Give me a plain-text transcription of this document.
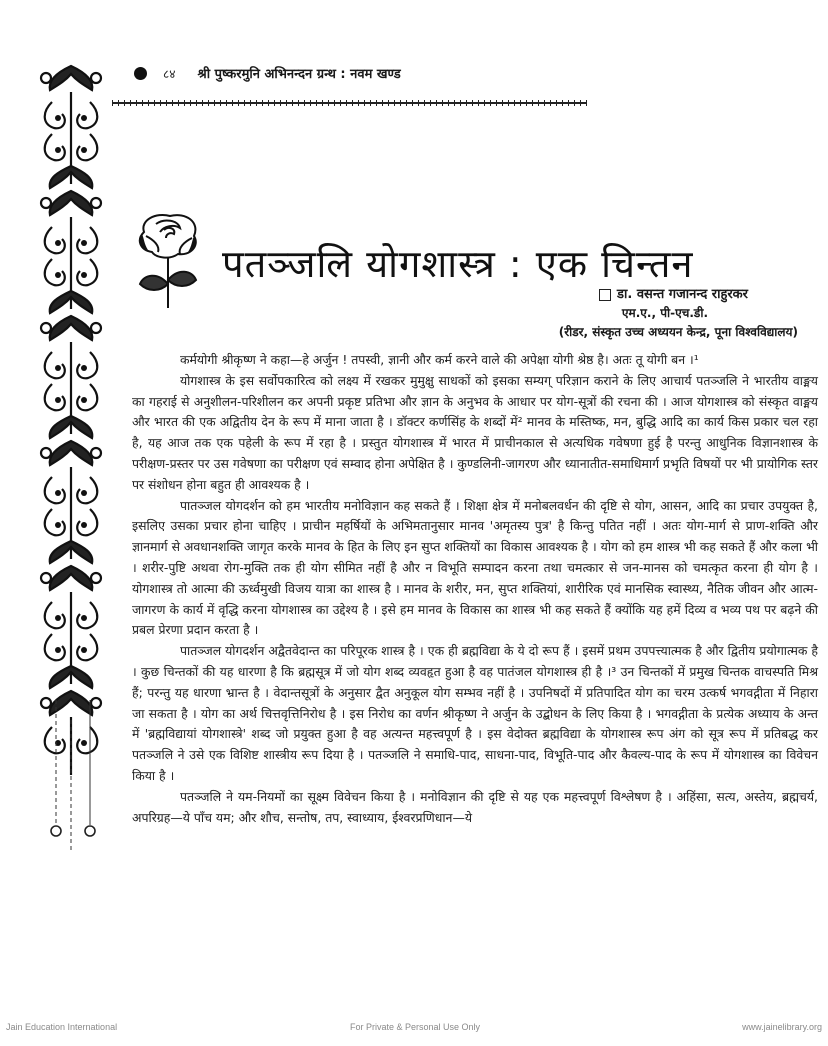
८४ श्री पुष्करमुनि अभिनन्दन ग्रन्थ : नवम खण्ड
पतञ्जलि योगशास्त्र : एक चिन्तन
डा. वसन्त गजानन्द राहुरकर
एम.ए., पी-एच.डी.
(रीडर, संस्कृत उच्च अध्ययन केन्द्र, पूना विश्वविद्यालय)

कर्मयोगी श्रीकृष्ण ने कहा—हे अर्जुन ! तपस्वी, ज्ञानी और कर्म करने वाले की अपेक्षा योगी श्रेष्ठ है। अतः तू योगी बन ।¹

योगशास्त्र के इस सर्वोपकारित्व को लक्ष्य में रखकर मुमुक्षु साधकों को इसका सम्यग् परिज्ञान कराने के लिए आचार्य पतञ्जलि ने भारतीय वाङ्मय का गहराई से अनुशीलन-परिशीलन कर अपनी प्रकृष्ट प्रतिभा और ज्ञान के अनुभव के आधार पर योग-सूत्रों की रचना की । आज योगशास्त्र को संस्कृत वाङ्मय और भारत की एक अद्वितीय देन के रूप में माना जाता है । डॉक्टर कर्णसिंह के शब्दों में² मानव के मस्तिष्क, मन, बुद्धि आदि का कार्य किस प्रकार चल रहा है, यह आज तक एक पहेली के रूप में रहा है । प्रस्तुत योगशास्त्र में भारत में प्राचीनकाल से अत्यधिक गवेषणा हुई है परन्तु आधुनिक विज्ञानशास्त्र के परीक्षण-प्रस्तर पर उस गवेषणा का परीक्षण एवं सम्वाद होना अपेक्षित है । कुण्डलिनी-जागरण और ध्यानातीत-समाधिमार्ग प्रभृति विषयों पर भी प्रायोगिक स्तर पर संशोधन होना बहुत ही आवश्यक है ।

पातञ्जल योगदर्शन को हम भारतीय मनोविज्ञान कह सकते हैं । शिक्षा क्षेत्र में मनोबलवर्धन की दृष्टि से योग, आसन, आदि का प्रचार उपयुक्त है, इसलिए उसका प्रचार होना चाहिए । प्राचीन महर्षियों के अभिमतानुसार मानव 'अमृतस्य पुत्र' है किन्तु पतित नहीं । अतः योग-मार्ग से प्राण-शक्ति और ज्ञानमार्ग से अवधानशक्ति जागृत करके मानव के हित के लिए इन सुप्त शक्तियों का विकास आवश्यक है । योग को हम शास्त्र भी कह सकते हैं और कला भी । शरीर-पुष्टि अथवा रोग-मुक्ति तक ही योग सीमित नहीं है और न विभूति सम्पादन करना तथा चमत्कार से जन-मानस को चमत्कृत करना ही योग है । योगशास्त्र तो आत्मा की ऊर्ध्वमुखी विजय यात्रा का शास्त्र है । मानव के शरीर, मन, सुप्त शक्तियां, शारीरिक एवं मानसिक स्वास्थ्य, नैतिक जीवन और आत्म-जागरण के कार्य में वृद्धि करना योगशास्त्र का उद्देश्य है । इसे हम मानव के विकास का शास्त्र भी कह सकते हैं क्योंकि यह हमें दिव्य व भव्य पथ पर बढ़ने की प्रबल प्रेरणा प्रदान करता है ।

पातञ्जल योगदर्शन अद्वैतवेदान्त का परिपूरक शास्त्र है । एक ही ब्रह्मविद्या के ये दो रूप हैं । इसमें प्रथम उपपत्त्यात्मक है और द्वितीय प्रयोगात्मक है । कुछ चिन्तकों की यह धारणा है कि ब्रह्मसूत्र में जो योग शब्द व्यवहृत हुआ है वह पातंजल योगशास्त्र ही है ।³ उन चिन्तकों में प्रमुख चिन्तक वाचस्पति मिश्र हैं; परन्तु यह धारणा भ्रान्त है । वेदान्तसूत्रों के अनुसार द्वैत अनुकूल योग सम्भव नहीं है । उपनिषदों में प्रतिपादित योग का चरम उत्कर्ष भगवद्गीता में निहारा जा सकता है । योग का अर्थ चित्तवृत्तिनिरोध है । इस निरोध का वर्णन श्रीकृष्ण ने अर्जुन के उद्बोधन के लिए किया है । भगवद्गीता के प्रत्येक अध्याय के अन्त में 'ब्रह्मविद्यायां योगशास्त्रे' शब्द जो प्रयुक्त हुआ है वह अत्यन्त महत्त्वपूर्ण है । इस वेदोक्त ब्रह्मविद्या के योगशास्त्र रूप अंग को सूत्र रूप में प्रतिबद्ध कर पतञ्जलि ने उसे एक विशिष्ट शास्त्रीय रूप दिया है । पतञ्जलि ने समाधि-पाद, साधना-पाद, विभूति-पाद और कैवल्य-पाद के रूप में योगशास्त्र का विवेचन किया है ।

पतञ्जलि ने यम-नियमों का सूक्ष्म विवेचन किया है । मनोविज्ञान की दृष्टि से यह एक महत्त्वपूर्ण विश्लेषण है । अहिंसा, सत्य, अस्तेय, ब्रह्मचर्य, अपरिग्रह—ये पाँच यम; और शौच, सन्तोष, तप, स्वाध्याय, ईश्वरप्रणिधान—ये

Jain Education International	For Private & Personal Use Only	www.jainelibrary.org
